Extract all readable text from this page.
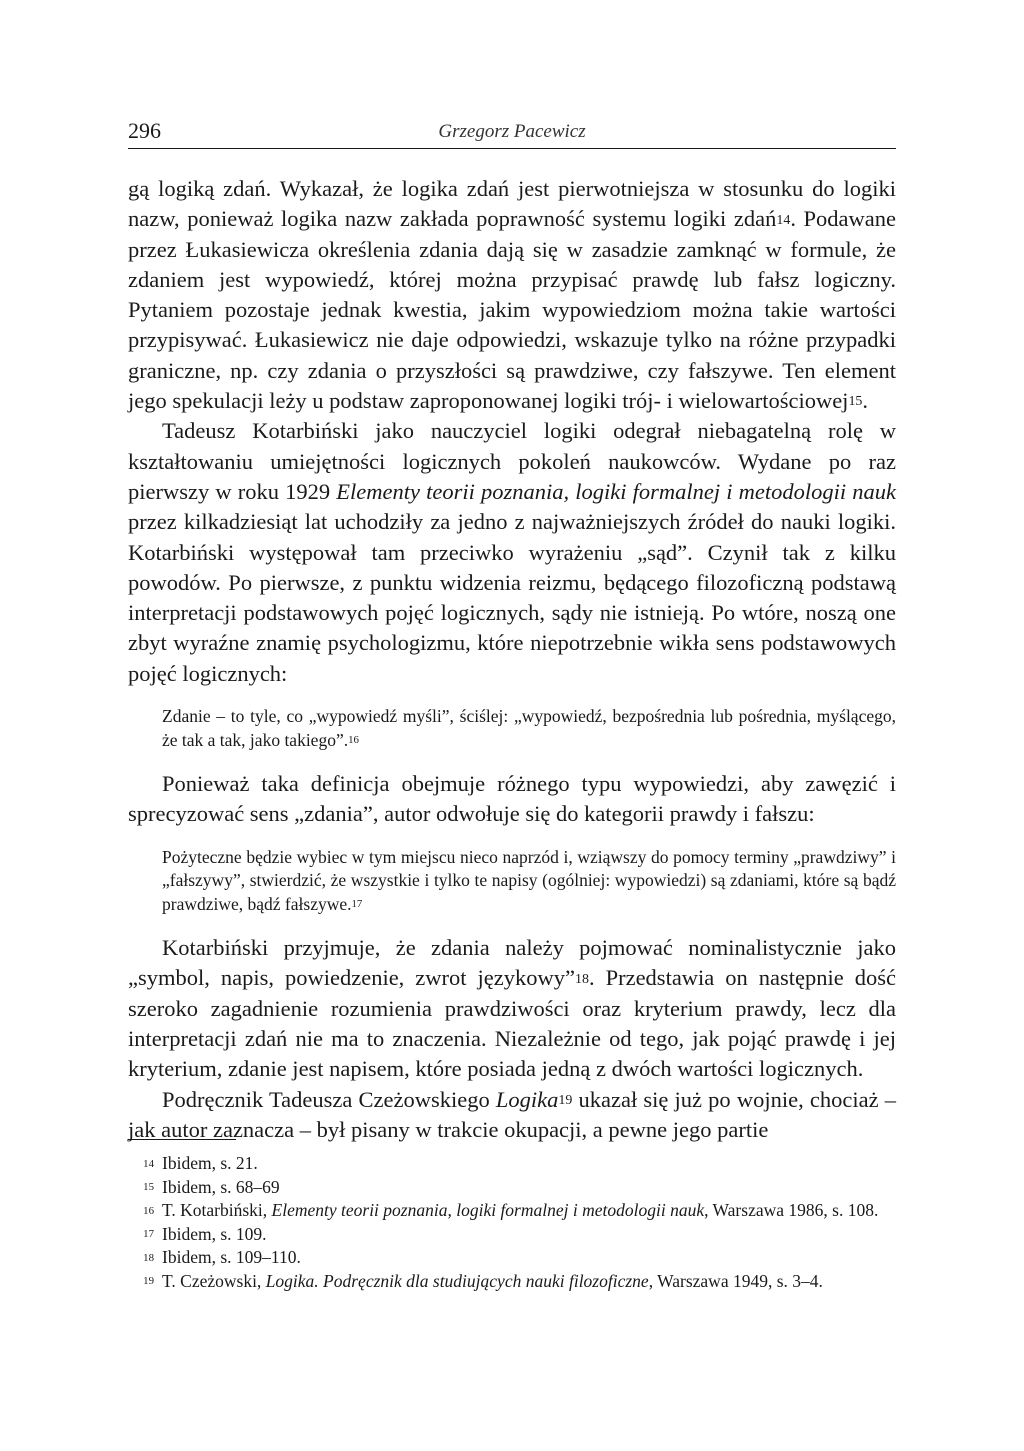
296	Grzegorz Pacewicz

gą logiką zdań. Wykazał, że logika zdań jest pierwotniejsza w stosunku do logiki nazw, ponieważ logika nazw zakłada poprawność systemu logiki zdań$^{14}$. Podawane przez Łukasiewicza określenia zdania dają się w zasadzie zamknąć w formule, że zdaniem jest wypowiedź, której można przypisać prawdę lub fałsz logiczny. Pytaniem pozostaje jednak kwestia, jakim wypowiedziom można takie wartości przypisywać. Łukasiewicz nie daje odpowiedzi, wskazuje tylko na różne przypadki graniczne, np. czy zdania o przyszłości są prawdziwe, czy fałszywe. Ten element jego spekulacji leży u podstaw zaproponowanej logiki trój- i wielowartościowej$^{15}$.

Tadeusz Kotarbiński jako nauczyciel logiki odegrał niebagatelną rolę w kształtowaniu umiejętności logicznych pokoleń naukowców. Wydane po raz pierwszy w roku 1929 Elementy teorii poznania, logiki formalnej i metodologii nauk przez kilkadziesiąt lat uchodziły za jedno z najważniejszych źródeł do nauki logiki. Kotarbiński występował tam przeciwko wyrażeniu „sąd”. Czynił tak z kilku powodów. Po pierwsze, z punktu widzenia reizmu, będącego filozoficzną podstawą interpretacji podstawowych pojęć logicznych, sądy nie istnieją. Po wtóre, noszą one zbyt wyraźne znamię psychologizmu, które niepotrzebnie wikła sens podstawowych pojęć logicznych:

Zdanie – to tyle, co „wypowiedź myśli”, ściślej: „wypowiedź, bezpośrednia lub pośrednia, myślącego, że tak a tak, jako takiego”.$^{16}$

Ponieważ taka definicja obejmuje różnego typu wypowiedzi, aby zawęzić i sprecyzować sens „zdania”, autor odwołuje się do kategorii prawdy i fałszu:

Pożyteczne będzie wybiec w tym miejscu nieco naprzód i, wziąwszy do pomocy terminy „prawdziwy” i „fałszywy”, stwierdzić, że wszystkie i tylko te napisy (ogólniej: wypowiedzi) są zdaniami, które są bądź prawdziwe, bądź fałszywe.$^{17}$

Kotarbiński przyjmuje, że zdania należy pojmować nominalistycznie jako „symbol, napis, powiedzenie, zwrot językowy”$^{18}$. Przedstawia on następnie dość szeroko zagadnienie rozumienia prawdziwości oraz kryterium prawdy, lecz dla interpretacji zdań nie ma to znaczenia. Niezależnie od tego, jak pojąć prawdę i jej kryterium, zdanie jest napisem, które posiada jedną z dwóch wartości logicznych.

Podręcznik Tadeusza Czeżowskiego Logika$^{19}$ ukazał się już po wojnie, chociaż – jak autor zaznacza – był pisany w trakcie okupacji, a pewne jego partie

$^{14}$ Ibidem, s. 21.

$^{15}$ Ibidem, s. 68–69

$^{16}$ T. Kotarbiński, Elementy teorii poznania, logiki formalnej i metodologii nauk, Warszawa 1986, s. 108.

$^{17}$ Ibidem, s. 109.

$^{18}$ Ibidem, s. 109–110.

$^{19}$ T. Czeżowski, Logika. Podręcznik dla studiujących nauki filozoficzne, Warszawa 1949, s. 3–4.
